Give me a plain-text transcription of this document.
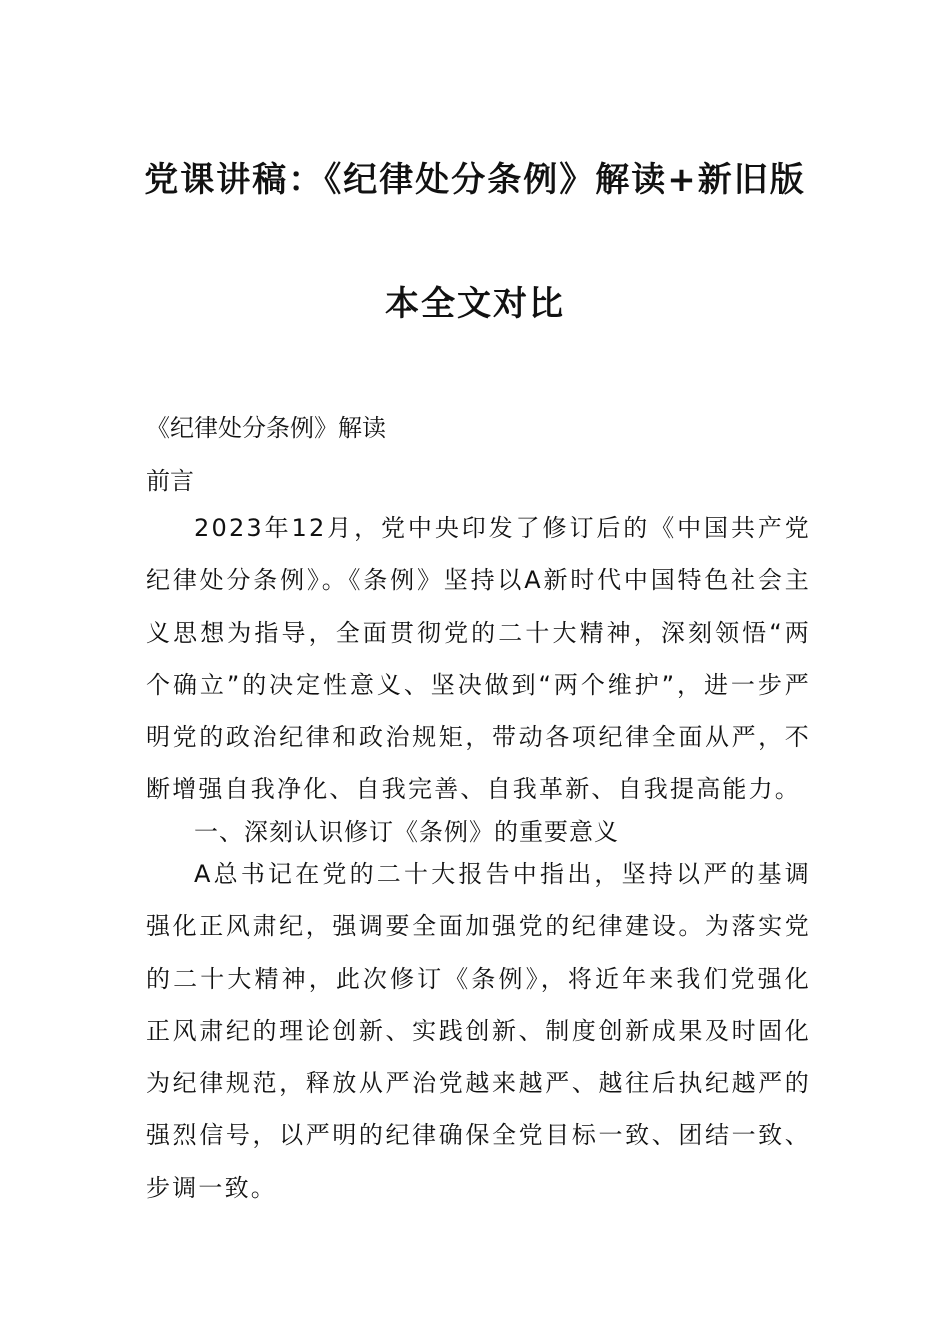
党课讲稿：《纪律处分条例》解读+新旧版
本全文对比
《纪律处分条例》解读
前言

2023年12月，党中央印发了修订后的《中国共产党纪律处分条例》。《条例》坚持以A新时代中国特色社会主义思想为指导，全面贯彻党的二十大精神，深刻领悟“两个确立”的决定性意义、坚决做到“两个维护”，进一步严明党的政治纪律和政治规矩，带动各项纪律全面从严，不断增强自我净化、自我完善、自我革新、自我提高能力。

一、深刻认识修订《条例》的重要意义

A总书记在党的二十大报告中指出，坚持以严的基调强化正风肃纪，强调要全面加强党的纪律建设。为落实党的二十大精神，此次修订《条例》，将近年来我们党强化正风肃纪的理论创新、实践创新、制度创新成果及时固化为纪律规范，释放从严治党越来越严、越往后执纪越严的强烈信号，以严明的纪律确保全党目标一致、团结一致、步调一致。
